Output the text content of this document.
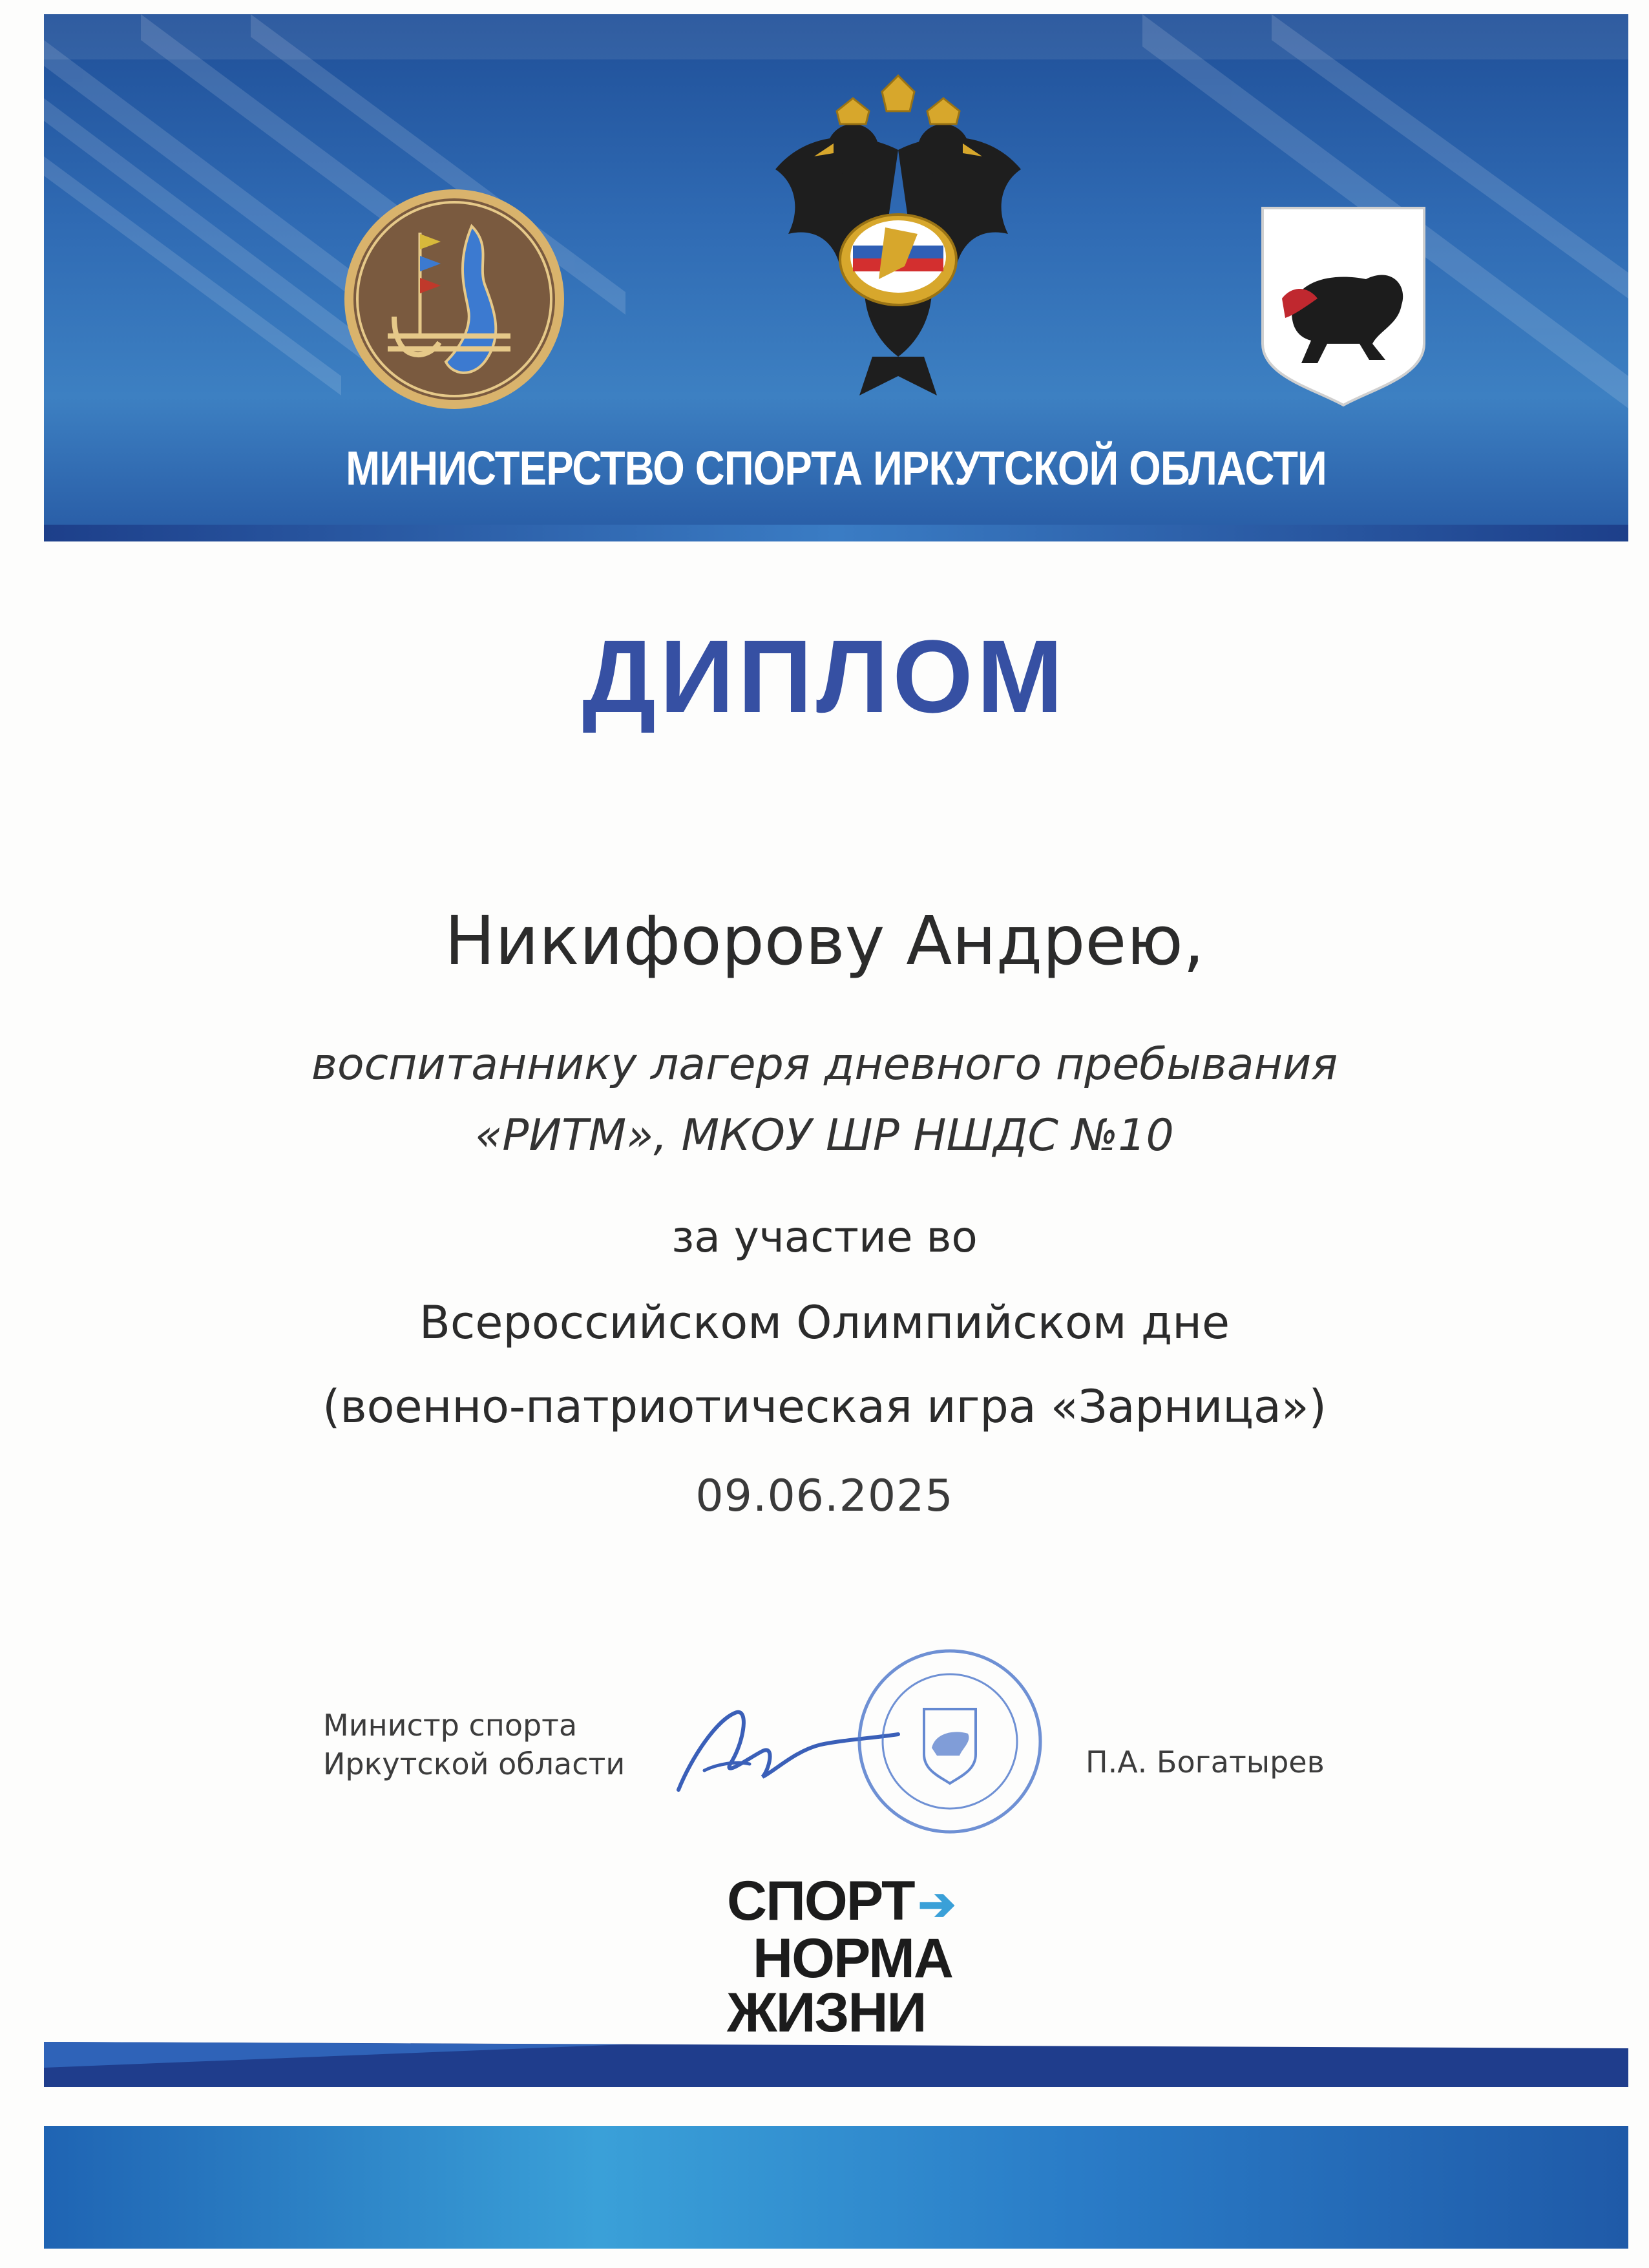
МИНИСТЕРСТВО СПОРТА ИРКУТСКОЙ ОБЛАСТИ
ДИПЛОМ
Никифорову Андрею,
воспитаннику лагеря дневного пребывания
«РИТМ», МКОУ ШР НШДС №10
за участие во
Всероссийском Олимпийском дне
(военно-патриотическая игра «Зарница»)
09.06.2025
Министр спорта
Иркутской области	П.А. Богатырев
СПОРТ➔
НОРМА
ЖИЗНИ
